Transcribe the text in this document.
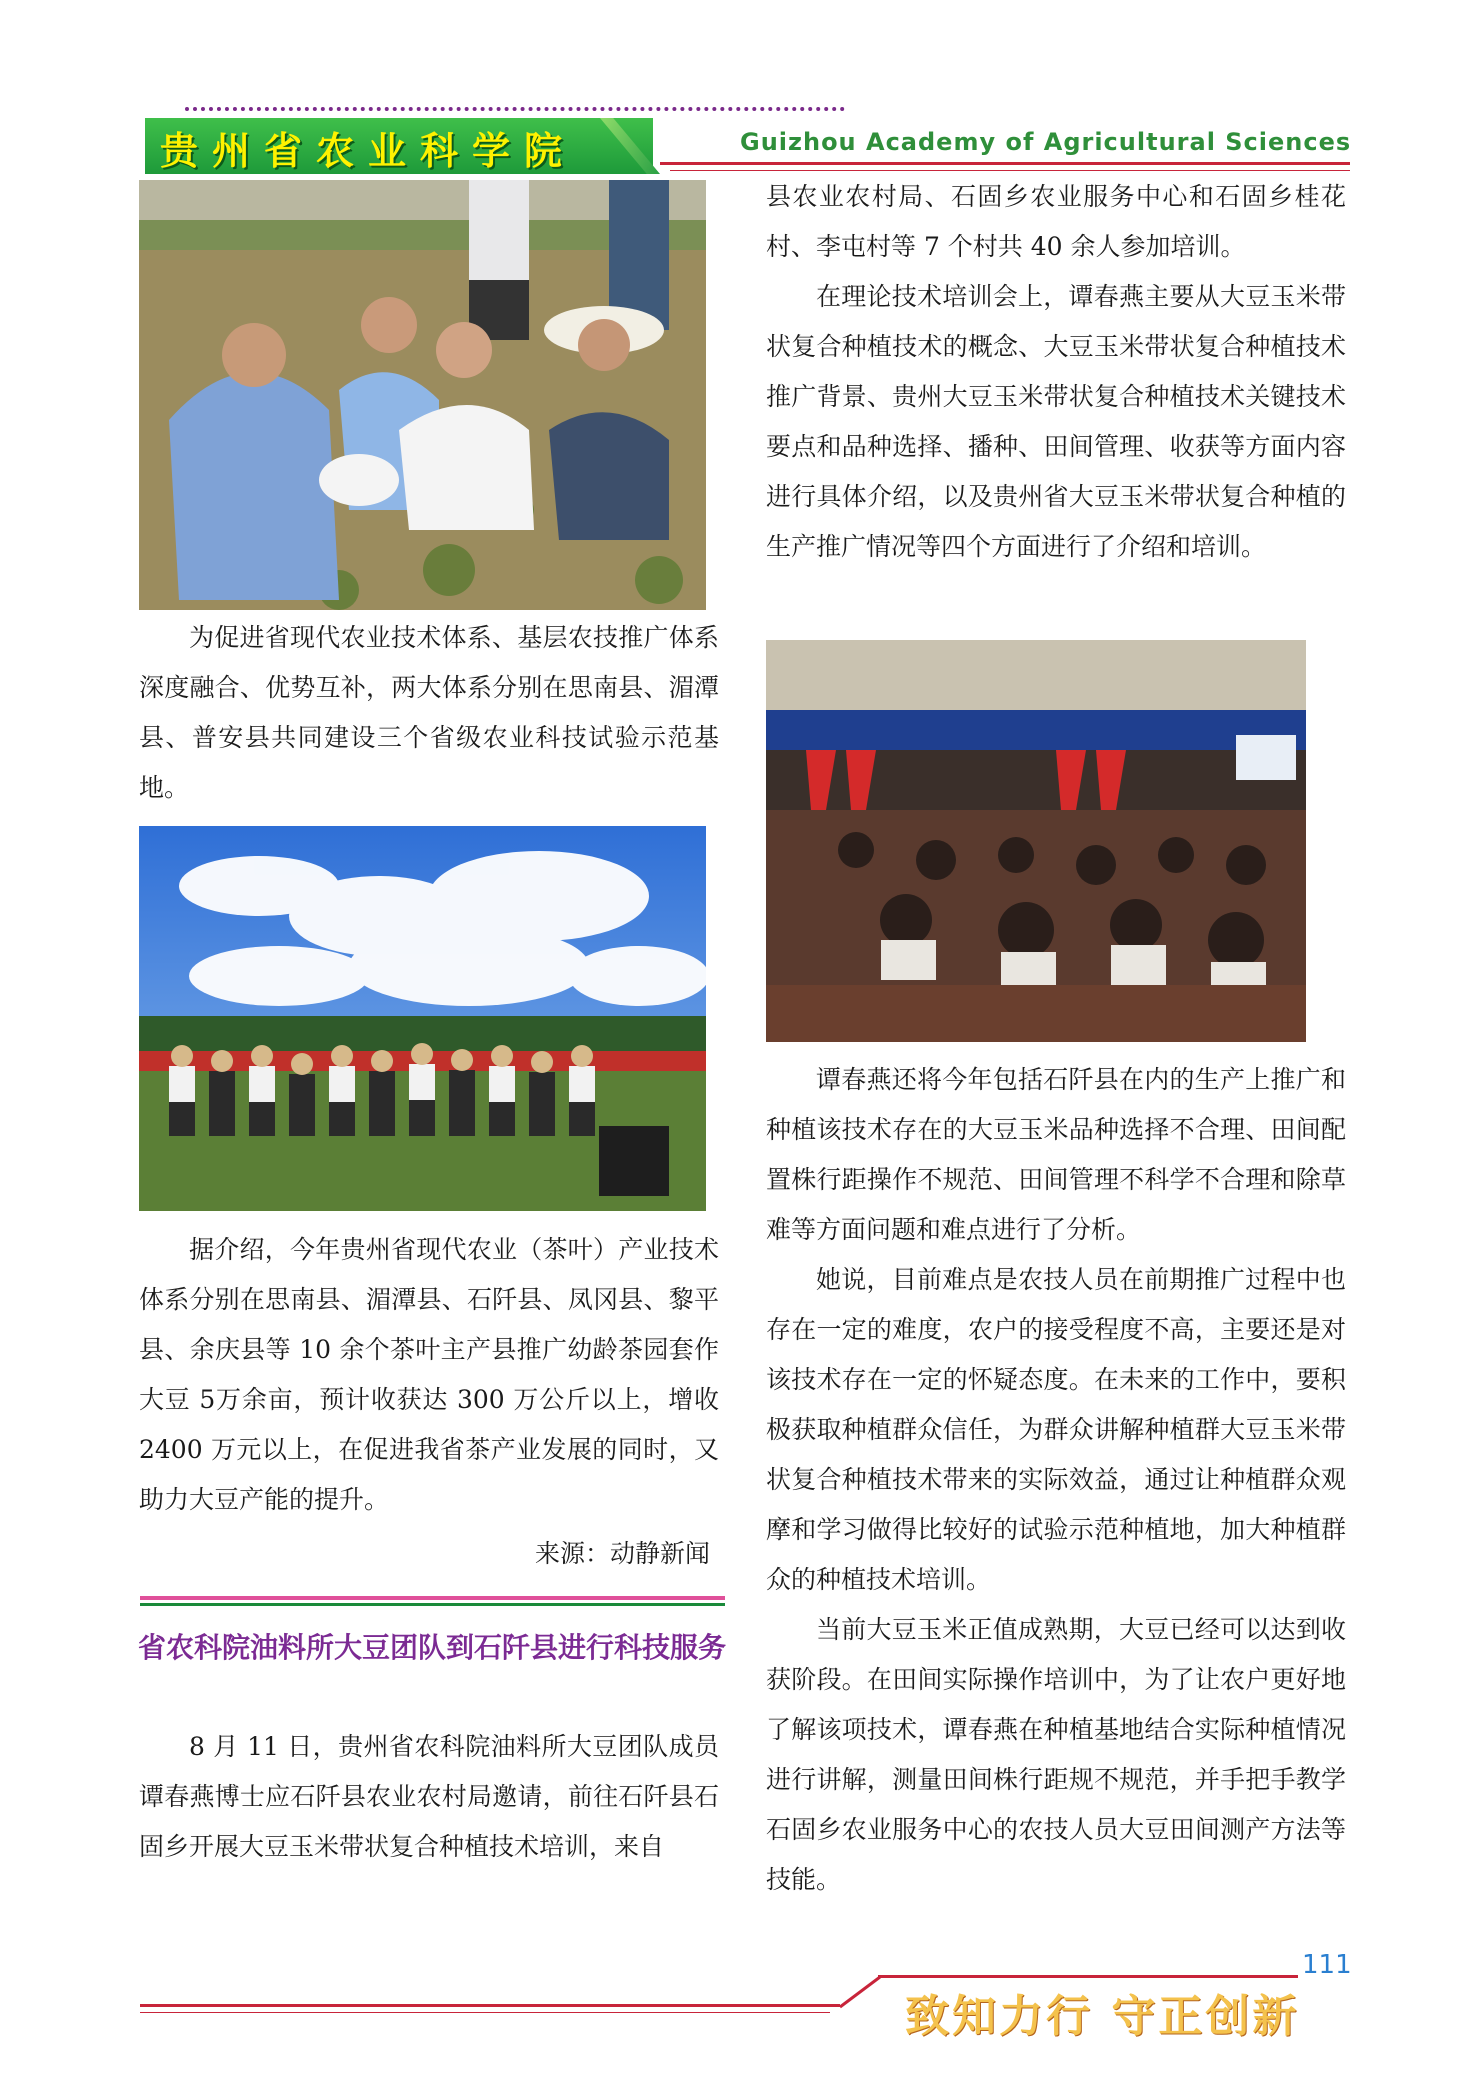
贵州省农业科学院	Guizhou Academy of Agricultural Sciences
为促进省现代农业技术体系、基层农技推广体系深度融合、优势互补，两大体系分别在思南县、湄潭县、普安县共同建设三个省级农业科技试验示范基地。
据介绍，今年贵州省现代农业（茶叶）产业技术体系分别在思南县、湄潭县、石阡县、凤冈县、黎平县、余庆县等 10 余个茶叶主产县推广幼龄茶园套作大豆 5万余亩，预计收获达 300 万公斤以上，增收 2400 万元以上，在促进我省茶产业发展的同时，又助力大豆产能的提升。
来源：动静新闻
省农科院油料所大豆团队到石阡县进行科技服务
8 月 11 日，贵州省农科院油料所大豆团队成员谭春燕博士应石阡县农业农村局邀请，前往石阡县石固乡开展大豆玉米带状复合种植技术培训，来自
县农业农村局、石固乡农业服务中心和石固乡桂花村、李屯村等 7 个村共 40 余人参加培训。
在理论技术培训会上，谭春燕主要从大豆玉米带状复合种植技术的概念、大豆玉米带状复合种植技术推广背景、贵州大豆玉米带状复合种植技术关键技术要点和品种选择、播种、田间管理、收获等方面内容进行具体介绍，以及贵州省大豆玉米带状复合种植的生产推广情况等四个方面进行了介绍和培训。
谭春燕还将今年包括石阡县在内的生产上推广和种植该技术存在的大豆玉米品种选择不合理、田间配置株行距操作不规范、田间管理不科学不合理和除草难等方面问题和难点进行了分析。
她说，目前难点是农技人员在前期推广过程中也存在一定的难度，农户的接受程度不高，主要还是对该技术存在一定的怀疑态度。在未来的工作中，要积极获取种植群众信任，为群众讲解种植群大豆玉米带状复合种植技术带来的实际效益，通过让种植群众观摩和学习做得比较好的试验示范种植地，加大种植群众的种植技术培训。
当前大豆玉米正值成熟期，大豆已经可以达到收获阶段。在田间实际操作培训中，为了让农户更好地了解该项技术，谭春燕在种植基地结合实际种植情况进行讲解，测量田间株行距规不规范，并手把手教学石固乡农业服务中心的农技人员大豆田间测产方法等技能。
111
致知力行 守正创新
